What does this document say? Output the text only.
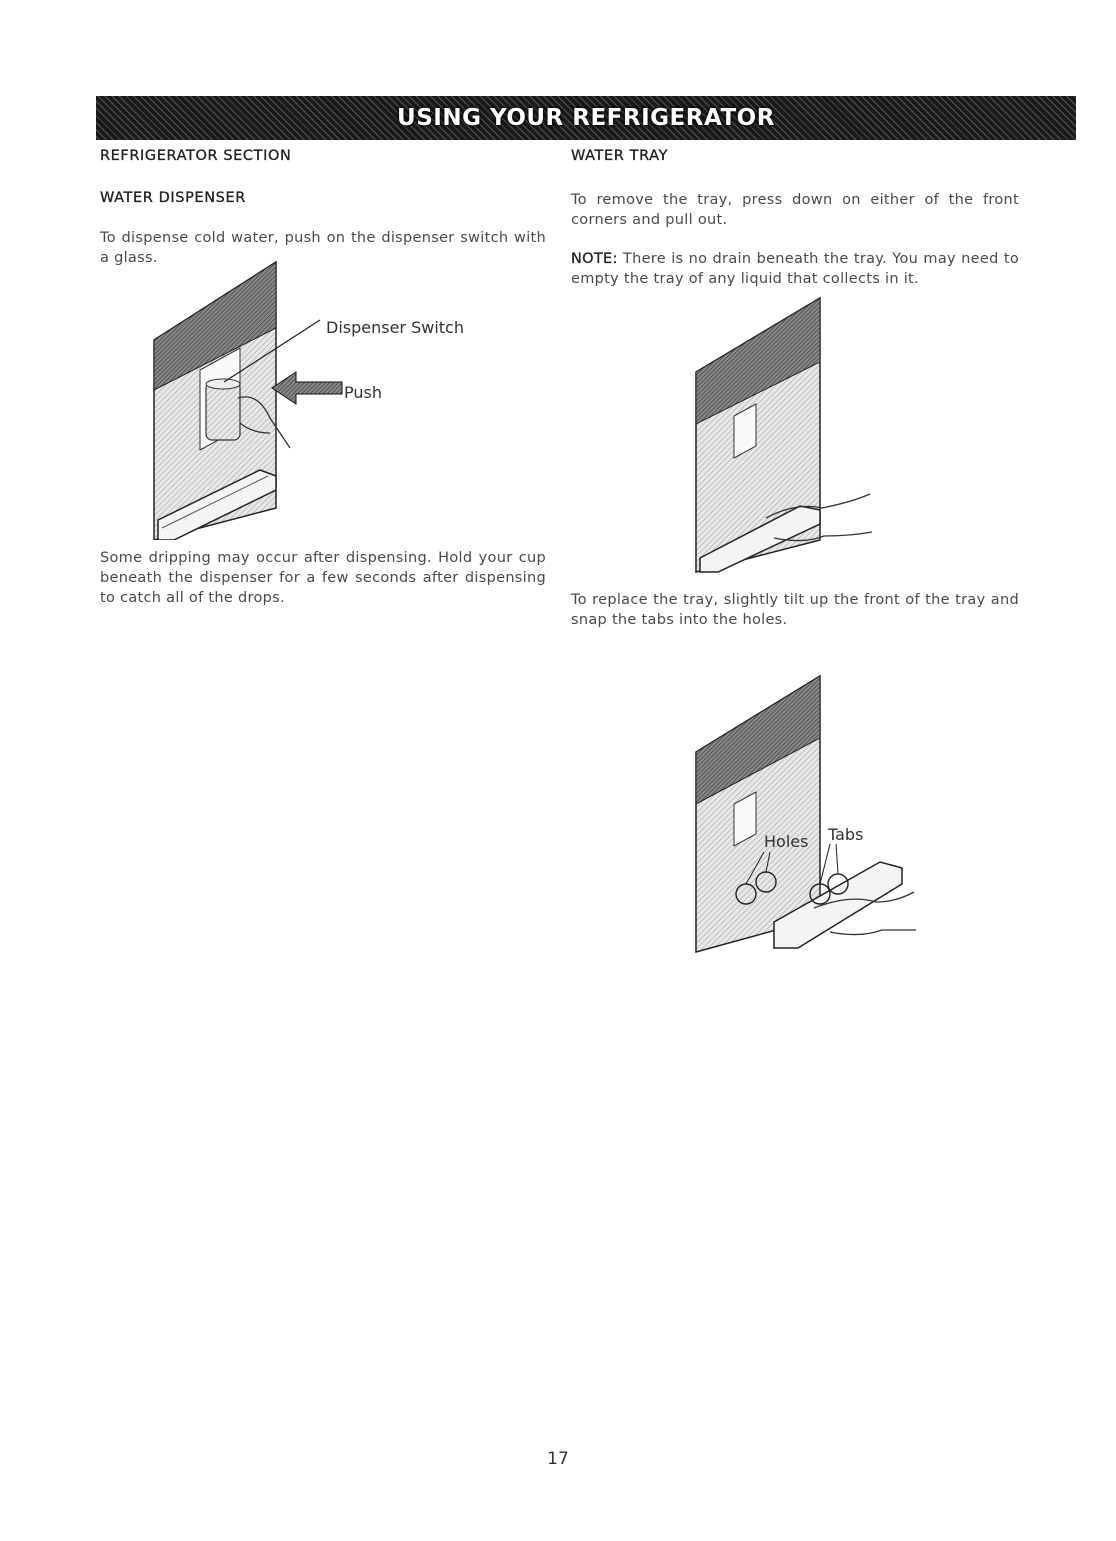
USING YOUR REFRIGERATOR
REFRIGERATOR SECTION
WATER DISPENSER

To dispense cold water, push on the dispenser switch with a glass.

Dispenser Switch
Push

Some dripping may occur after dispensing. Hold your cup beneath the dispenser for a few seconds after dispensing to catch all of the drops.

WATER TRAY

To remove the tray, press down on either of the front corners and pull out.

NOTE: There is no drain beneath the tray. You may need to empty the tray of any liquid that collects in it.

To replace the tray, slightly tilt up the front of the tray and snap the tabs into the holes.

Holes Tabs
17
